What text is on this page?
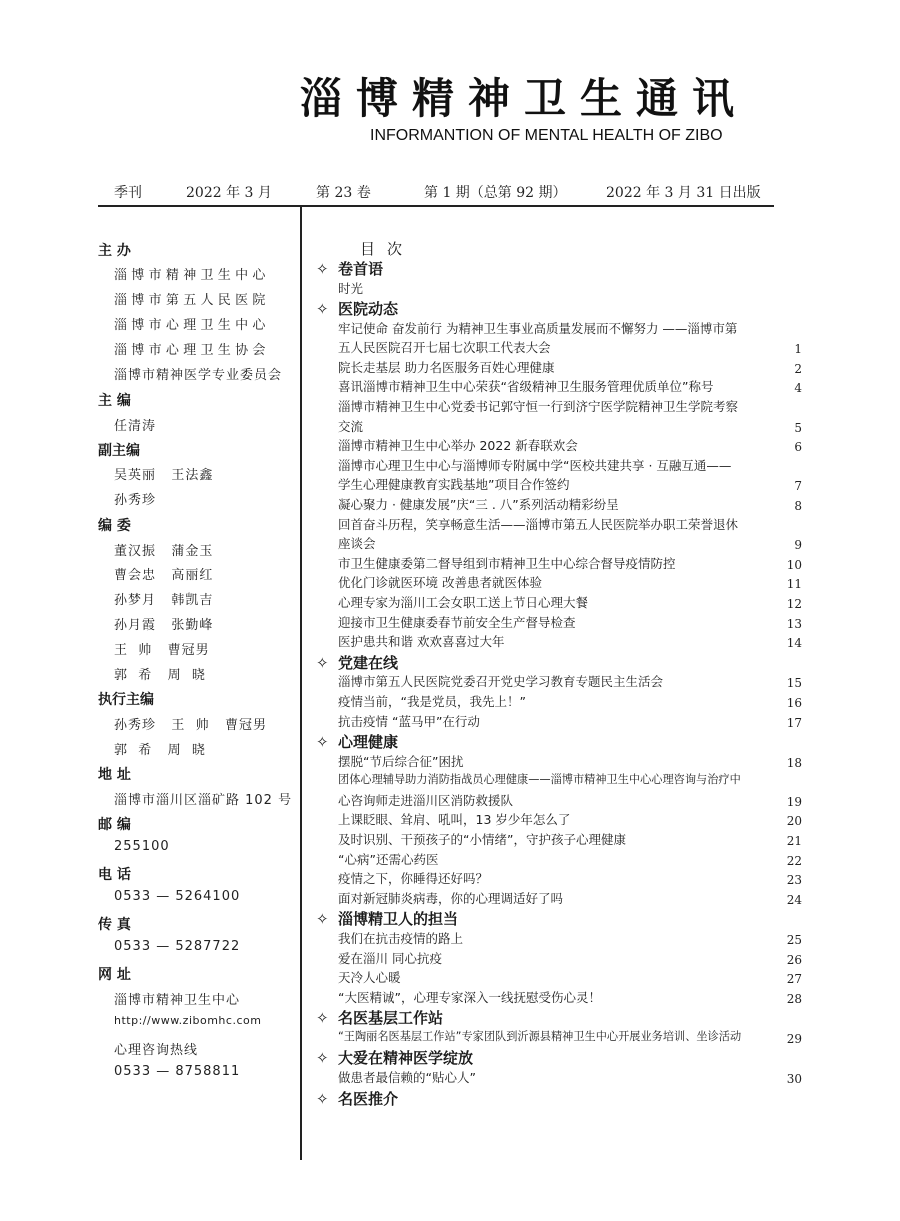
淄博精神卫生通讯
INFORMANTION OF MENTAL HEALTH OF ZIBO
季刊	2022 年 3 月	第 23 卷	第 1 期（总第 92 期）	2022 年 3 月 31 日出版
主 办
淄博市精神卫生中心
淄博市第五人民医院
淄博市心理卫生中心
淄博市心理卫生协会
淄博市精神医学专业委员会
主 编
任清涛
副主编
吴英丽   王法鑫
孙秀珍
编 委
董汉振   蒲金玉
曹会忠   高丽红
孙梦月   韩凯吉
孙月霞   张勤峰
王  帅   曹冠男
郭  希   周  晓
执行主编
孙秀珍   王  帅   曹冠男
郭  希   周  晓
地 址
淄博市淄川区淄矿路 102 号
邮 编
255100
电 话
0533 — 5264100
传 真
0533 — 5287722
网 址
淄博市精神卫生中心
http://www.zibomhc.com
心理咨询热线
0533 — 8758811
目次
✧ 卷首语
时光
✧ 医院动态
牢记使命 奋发前行 为精神卫生事业高质量发展而不懈努力 ——淄博市第
五人民医院召开七届七次职工代表大会	1
院长走基层 助力名医服务百姓心理健康	2
喜讯淄博市精神卫生中心荣获“省级精神卫生服务管理优质单位”称号	4
淄博市精神卫生中心党委书记郭守恒一行到济宁医学院精神卫生学院考察
交流	5
淄博市精神卫生中心举办 2022 新春联欢会	6
淄博市心理卫生中心与淄博师专附属中学“医校共建共享 · 互融互通——
学生心理健康教育实践基地”项目合作签约	7
凝心聚力 · 健康发展”庆“三 . 八”系列活动精彩纷呈	8
回首奋斗历程，笑享畅意生活——淄博市第五人民医院举办职工荣誉退休
座谈会	9
市卫生健康委第二督导组到市精神卫生中心综合督导疫情防控	10
优化门诊就医环境 改善患者就医体验	11
心理专家为淄川工会女职工送上节日心理大餐	12
迎接市卫生健康委春节前安全生产督导检查	13
医护患共和谐 欢欢喜喜过大年	14
✧ 党建在线
淄博市第五人民医院党委召开党史学习教育专题民主生活会	15
疫情当前，“我是党员，我先上！”	16
抗击疫情 “蓝马甲”在行动	17
✧ 心理健康
摆脱“节后综合征”困扰	18
团体心理辅导助力消防指战员心理健康——淄博市精神卫生中心心理咨询与治疗中
心咨询师走进淄川区消防救援队	19
上课眨眼、耸肩、吼叫，13 岁少年怎么了	20
及时识别、干预孩子的“小情绪”，守护孩子心理健康	21
“心病”还需心药医	22
疫情之下，你睡得还好吗？	23
面对新冠肺炎病毒，你的心理调适好了吗	24
✧ 淄博精卫人的担当
我们在抗击疫情的路上	25
爱在淄川 同心抗疫	26
天冷人心暖	27
“大医精诚”，心理专家深入一线抚慰受伤心灵！	28
✧ 名医基层工作站
“王陶丽名医基层工作站”专家团队到沂源县精神卫生中心开展业务培训、坐诊活动	29
✧ 大爱在精神医学绽放
做患者最信赖的“贴心人”	30
✧ 名医推介
